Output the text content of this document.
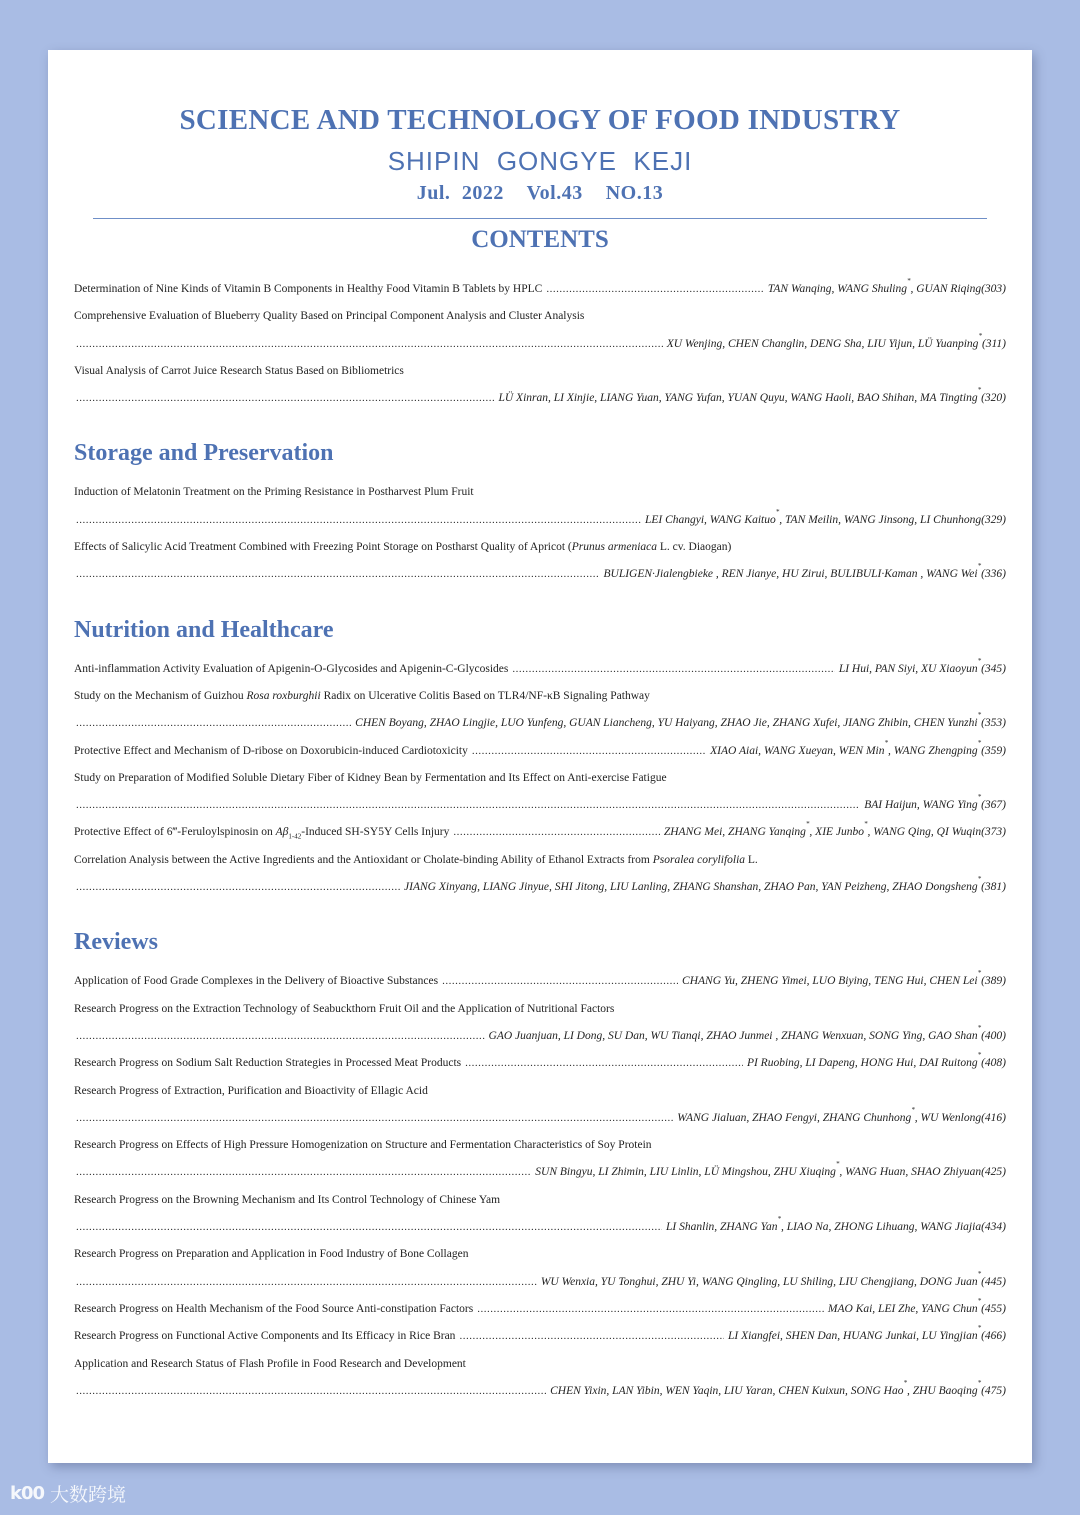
SCIENCE AND TECHNOLOGY OF FOOD INDUSTRY
SHIPIN  GONGYE  KEJI
Jul. 2022  Vol.43  NO.13
CONTENTS
Determination of Nine Kinds of Vitamin B Components in Healthy Food Vitamin B Tablets by HPLC .....	TAN Wanqing, WANG Shuling*, GUAN Riqing(303)
Comprehensive Evaluation of Blueberry Quality Based on Principal Component Analysis and Cluster Analysis
.....
XU Wenjing, CHEN Changlin, DENG Sha, LIU Yijun, LÜ Yuanping*(311)
Visual Analysis of Carrot Juice Research Status Based on Bibliometrics
.....
LÜ Xinran, LI Xinjie, LIANG Yuan, YANG Yufan, YUAN Quyu, WANG Haoli, BAO Shihan, MA Tingting*(320)
Storage and Preservation
Induction of Melatonin Treatment on the Priming Resistance in Postharvest Plum Fruit
.....
LEI Changyi, WANG Kaituo*, TAN Meilin, WANG Jinsong, LI Chunhong(329)
Effects of Salicylic Acid Treatment Combined with Freezing Point Storage on Postharst Quality of Apricot (Prunus armeniaca L. cv. Diaogan)
.....
BULIGEN·Jialengbieke , REN Jianye, HU Zirui, BULIBULI·Kaman , WANG Wei*(336)
Nutrition and Healthcare
Anti-inflammation Activity Evaluation of Apigenin-O-Glycosides and Apigenin-C-Glycosides .....	LI Hui, PAN Siyi, XU Xiaoyun*(345)
Study on the Mechanism of Guizhou Rosa roxburghii Radix on Ulcerative Colitis Based on TLR4/NF-κB Signaling Pathway
.....
CHEN Boyang, ZHAO Lingjie, LUO Yunfeng, GUAN Liancheng, YU Haiyang, ZHAO Jie, ZHANG Xufei, JIANG Zhibin, CHEN Yunzhi*(353)
Protective Effect and Mechanism of D-ribose on Doxorubicin-induced Cardiotoxicity .....	XIAO Aiai, WANG Xueyan, WEN Min*, WANG Zhengping*(359)
Study on Preparation of Modified Soluble Dietary Fiber of Kidney Bean by Fermentation and Its Effect on Anti-exercise Fatigue
.....
BAI Haijun, WANG Ying*(367)
Protective Effect of 6‴-Feruloylspinosin on $A\beta_{1-42}$-Induced SH-SY5Y Cells Injury .....	ZHANG Mei, ZHANG Yanqing*, XIE Junbo*, WANG Qing, QI Wuqin(373)
Correlation Analysis between the Active Ingredients and the Antioxidant or Cholate-binding Ability of Ethanol Extracts from Psoralea corylifolia L.
.....
JIANG Xinyang, LIANG Jinyue, SHI Jitong, LIU Lanling, ZHANG Shanshan, ZHAO Pan, YAN Peizheng, ZHAO Dongsheng*(381)
Reviews
Application of Food Grade Complexes in the Delivery of Bioactive Substances .....	CHANG Yu, ZHENG Yimei, LUO Biying, TENG Hui, CHEN Lei*(389)
Research Progress on the Extraction Technology of Seabuckthorn Fruit Oil and the Application of Nutritional Factors
.....
GAO Juanjuan, LI Dong, SU Dan, WU Tianqi, ZHAO Junmei , ZHANG Wenxuan, SONG Ying, GAO Shan*(400)
Research Progress on Sodium Salt Reduction Strategies in Processed Meat Products .....	PI Ruobing, LI Dapeng, HONG Hui, DAI Ruitong*(408)
Research Progress of Extraction, Purification and Bioactivity of Ellagic Acid
.....
WANG Jialuan, ZHAO Fengyi, ZHANG Chunhong*, WU Wenlong(416)
Research Progress on Effects of High Pressure Homogenization on Structure and Fermentation Characteristics of Soy Protein
.....
SUN Bingyu, LI Zhimin, LIU Linlin, LÜ Mingshou, ZHU Xiuqing*, WANG Huan, SHAO Zhiyuan(425)
Research Progress on the Browning Mechanism and Its Control Technology of Chinese Yam
.....
LI Shanlin, ZHANG Yan*, LIAO Na, ZHONG Lihuang, WANG Jiajia(434)
Research Progress on Preparation and Application in Food Industry of Bone Collagen
.....
WU Wenxia, YU Tonghui, ZHU Yi, WANG Qingling, LU Shiling, LIU Chengjiang, DONG Juan*(445)
Research Progress on Health Mechanism of the Food Source Anti-constipation Factors .....	MAO Kai, LEI Zhe, YANG Chun*(455)
Research Progress on Functional Active Components and Its Efficacy in Rice Bran .....	LI Xiangfei, SHEN Dan, HUANG Junkai, LU Yingjian*(466)
Application and Research Status of Flash Profile in Food Research and Development
.....
CHEN Yixin, LAN Yibin, WEN Yaqin, LIU Yaran, CHEN Kuixun, SONG Hao*, ZHU Baoqing*(475)
k00 大数跨境
